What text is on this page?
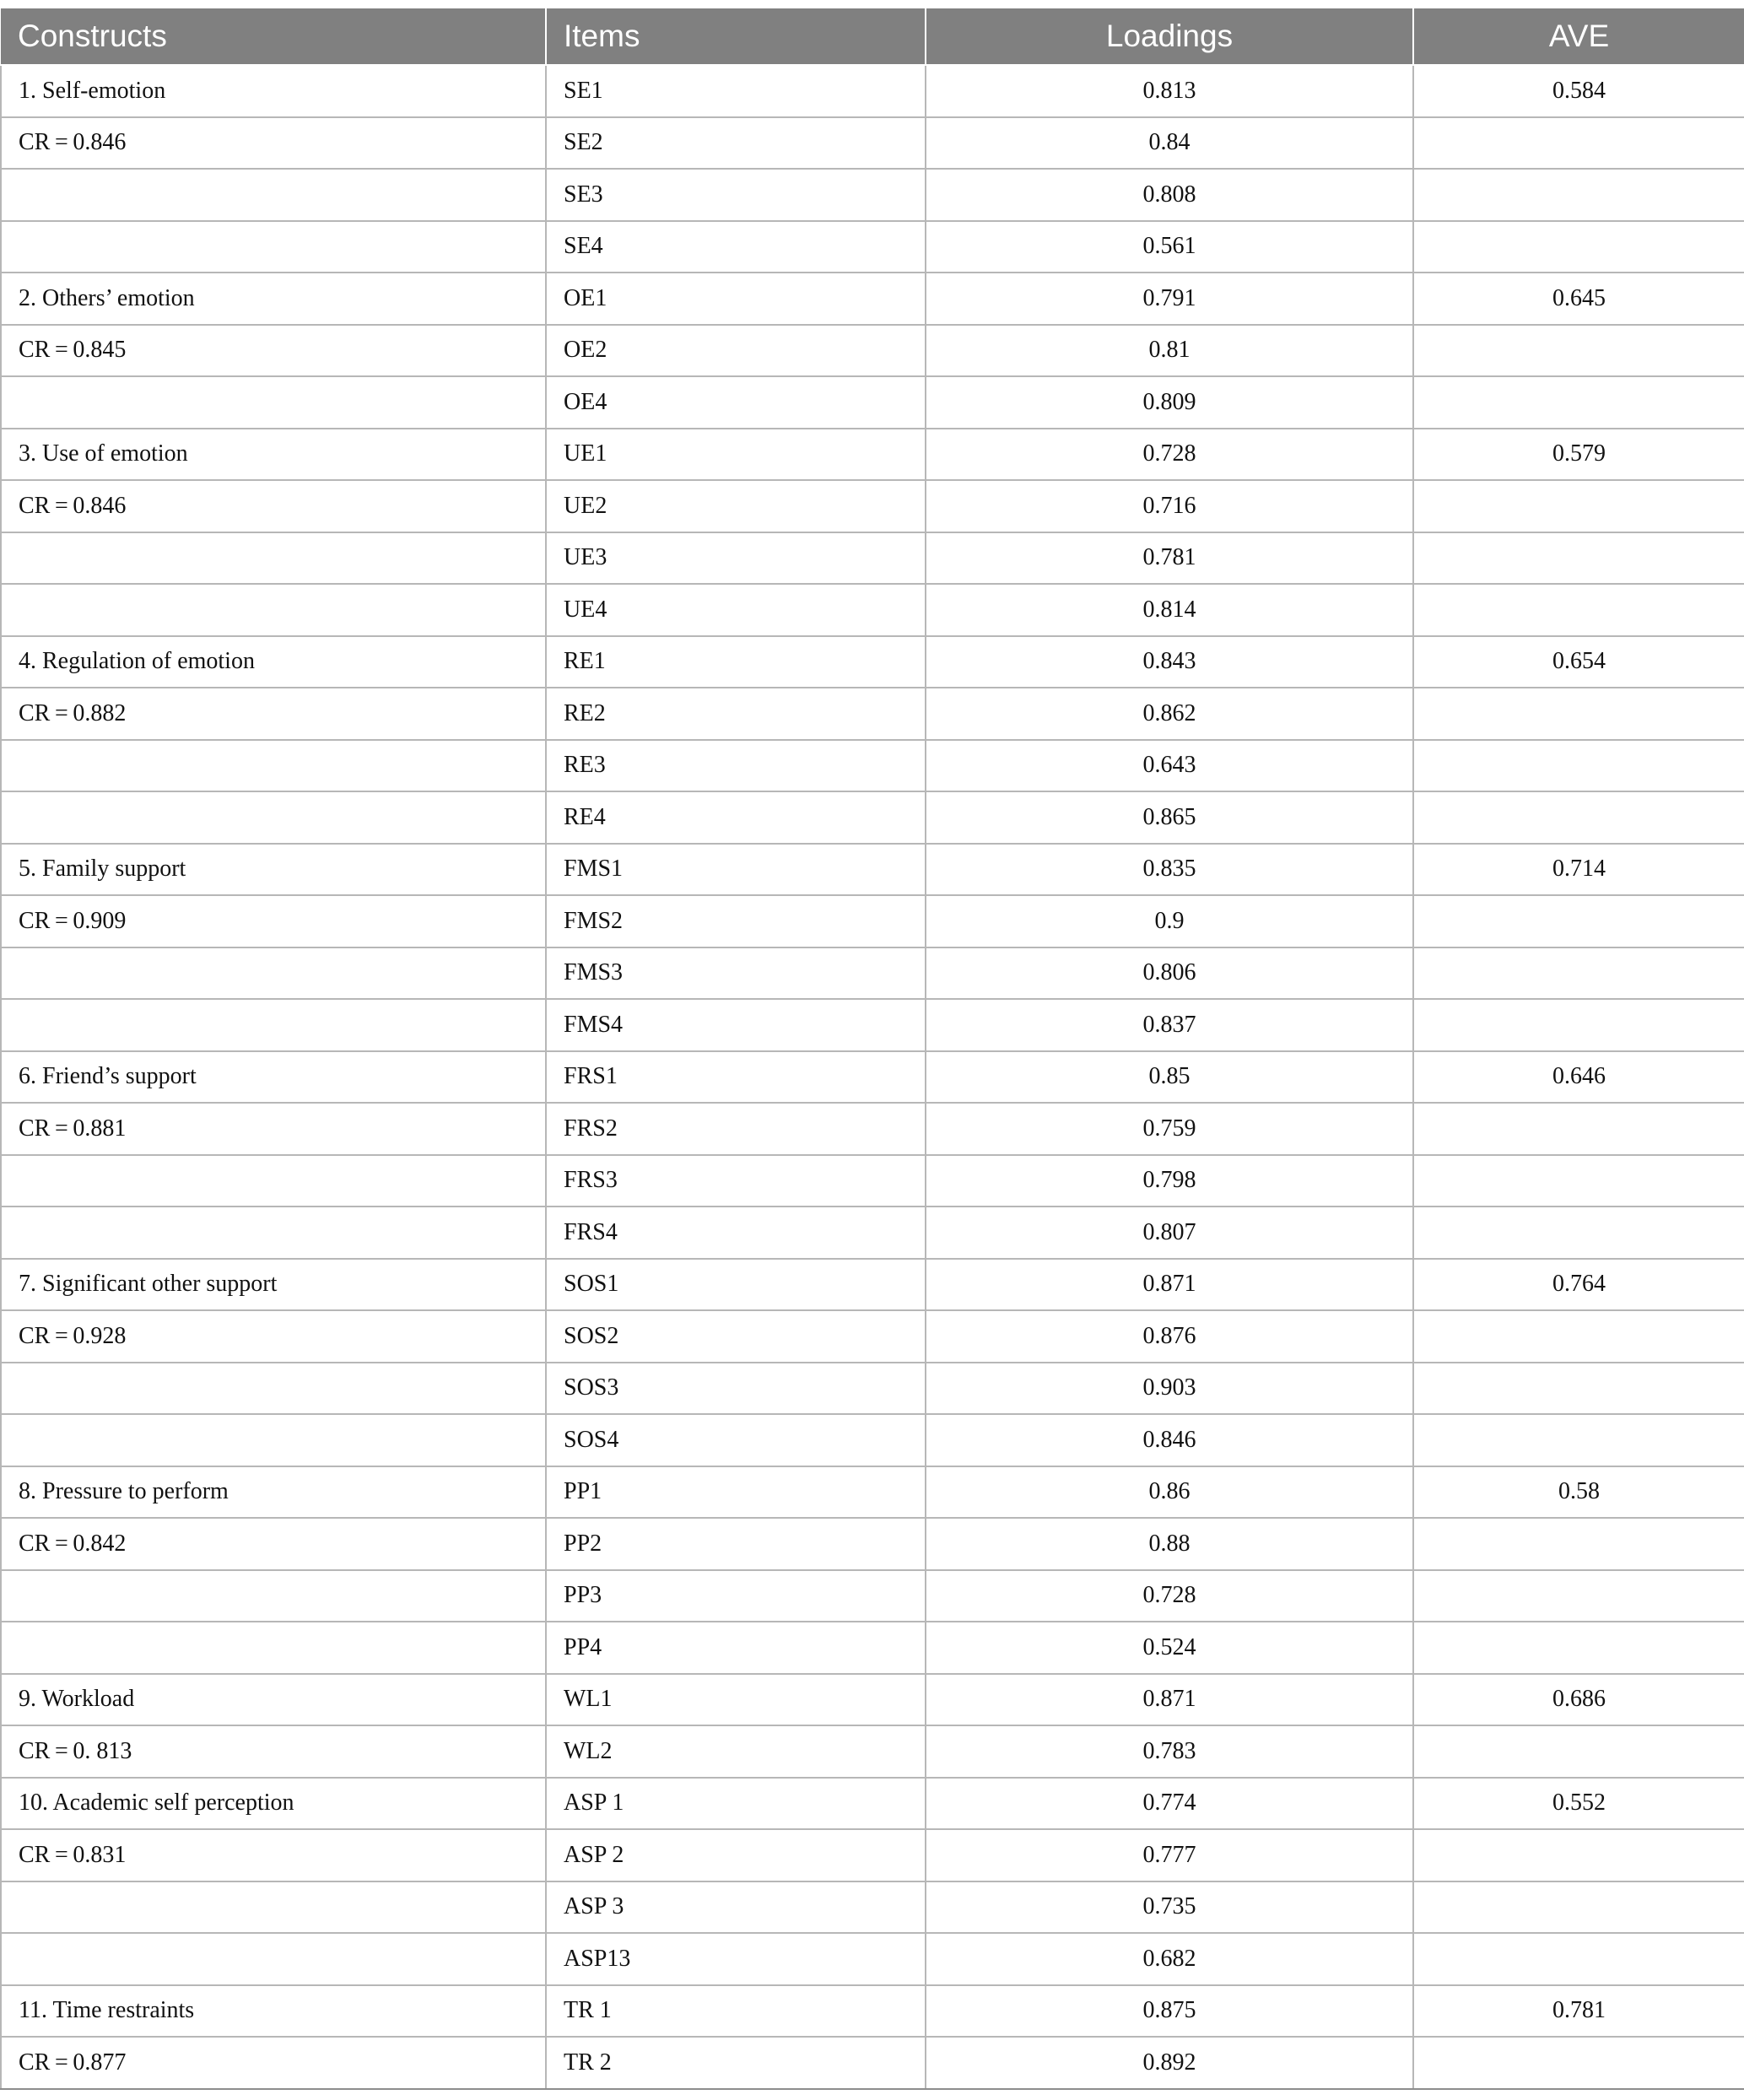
Constructs	Items	Loadings	AVE
1. Self-emotion	SE1	0.813	0.584
CR = 0.846	SE2	0.84	
	SE3	0.808	
	SE4	0.561	
2. Others’ emotion	OE1	0.791	0.645
CR = 0.845	OE2	0.81	
	OE4	0.809	
3. Use of emotion	UE1	0.728	0.579
CR = 0.846	UE2	0.716	
	UE3	0.781	
	UE4	0.814	
4. Regulation of emotion	RE1	0.843	0.654
CR = 0.882	RE2	0.862	
	RE3	0.643	
	RE4	0.865	
5. Family support	FMS1	0.835	0.714
CR = 0.909	FMS2	0.9	
	FMS3	0.806	
	FMS4	0.837	
6. Friend’s support	FRS1	0.85	0.646
CR = 0.881	FRS2	0.759	
	FRS3	0.798	
	FRS4	0.807	
7. Significant other support	SOS1	0.871	0.764
CR = 0.928	SOS2	0.876	
	SOS3	0.903	
	SOS4	0.846	
8. Pressure to perform	PP1	0.86	0.58
CR = 0.842	PP2	0.88	
	PP3	0.728	
	PP4	0.524	
9. Workload	WL1	0.871	0.686
CR = 0. 813	WL2	0.783	
10. Academic self perception	ASP 1	0.774	0.552
CR = 0.831	ASP 2	0.777	
	ASP 3	0.735	
	ASP13	0.682	
11. Time restraints	TR 1	0.875	0.781
CR = 0.877	TR 2	0.892	
